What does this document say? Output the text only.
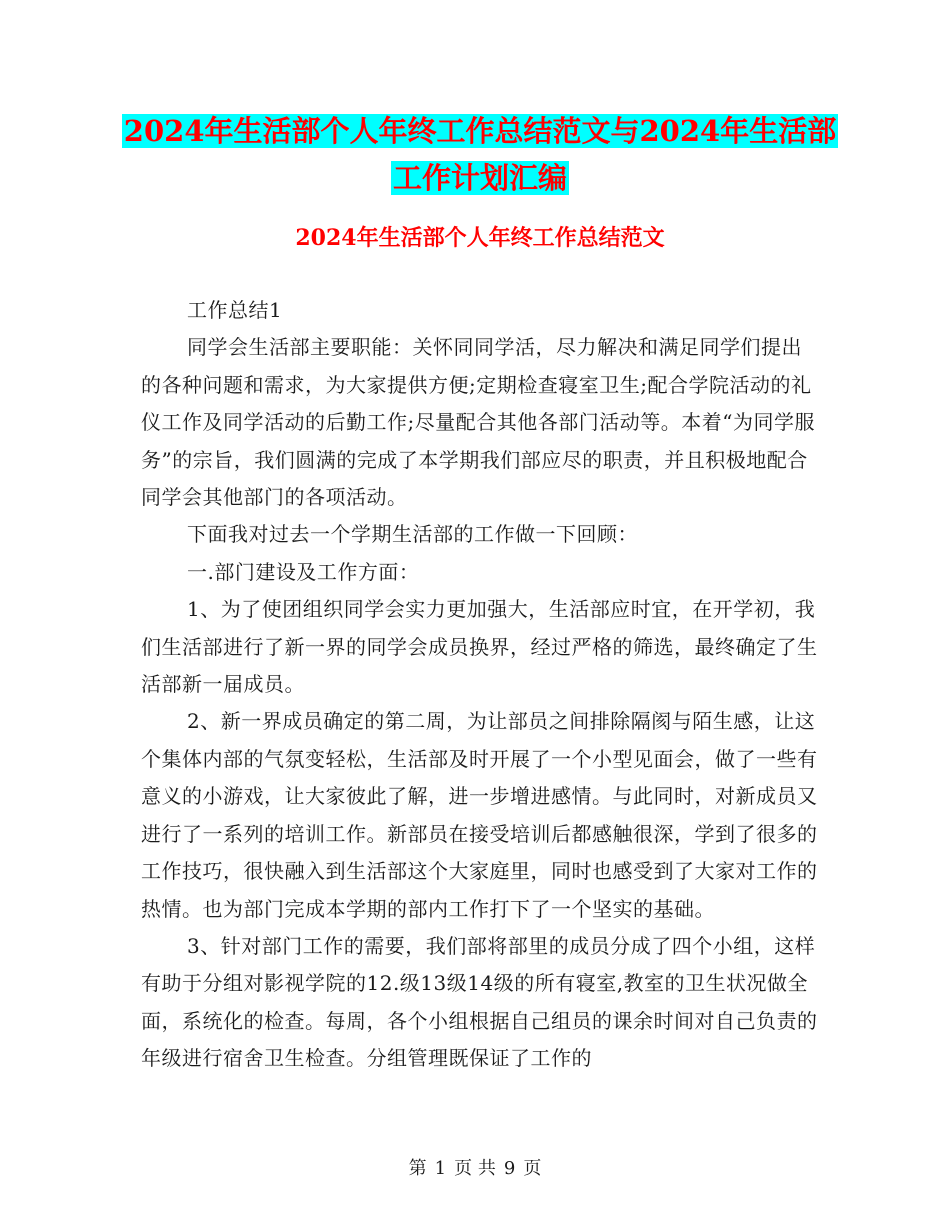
2024年生活部个人年终工作总结范文与2024年生活部
工作计划汇编
2024年生活部个人年终工作总结范文

工作总结1

同学会生活部主要职能：关怀同同学活，尽力解决和满足同学们提出的各种问题和需求，为大家提供方便;定期检查寝室卫生;配合学院活动的礼仪工作及同学活动的后勤工作;尽量配合其他各部门活动等。本着“为同学服务”的宗旨，我们圆满的完成了本学期我们部应尽的职责，并且积极地配合同学会其他部门的各项活动。

下面我对过去一个学期生活部的工作做一下回顾：

一.部门建设及工作方面：

1、为了使团组织同学会实力更加强大，生活部应时宜，在开学初，我们生活部进行了新一界的同学会成员换界，经过严格的筛选，最终确定了生活部新一届成员。

2、新一界成员确定的第二周，为让部员之间排除隔阂与陌生感，让这个集体内部的气氛变轻松，生活部及时开展了一个小型见面会，做了一些有意义的小游戏，让大家彼此了解，进一步增进感情。与此同时，对新成员又进行了一系列的培训工作。新部员在接受培训后都感触很深，学到了很多的工作技巧，很快融入到生活部这个大家庭里，同时也感受到了大家对工作的热情。也为部门完成本学期的部内工作打下了一个坚实的基础。

3、针对部门工作的需要，我们部将部里的成员分成了四个小组，这样有助于分组对影视学院的12.级13级14级的所有寝室,教室的卫生状况做全面，系统化的检查。每周，各个小组根据自己组员的课余时间对自己负责的年级进行宿舍卫生检查。分组管理既保证了工作的

第 1 页 共 9 页
